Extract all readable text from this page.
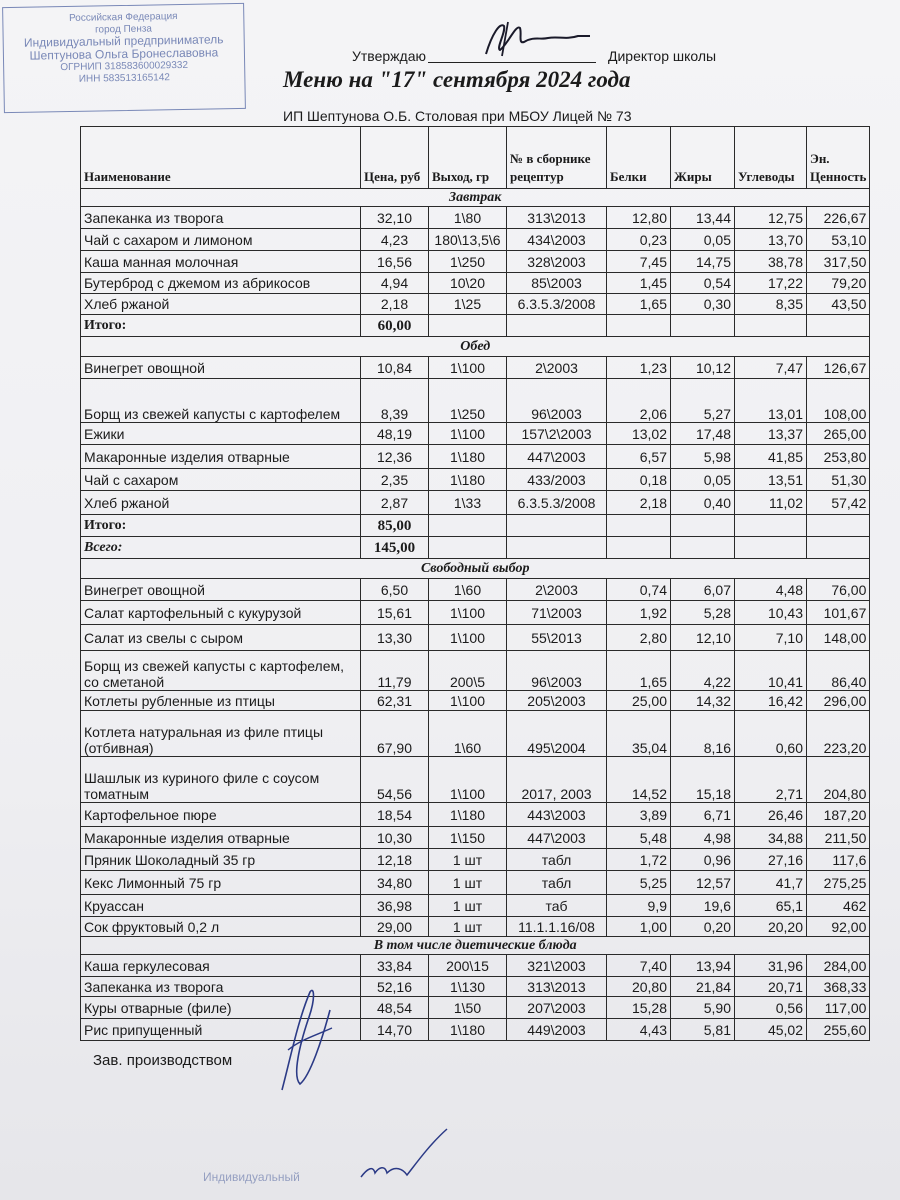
Российская Федерация
город Пенза
Индивидуальный предприниматель
Шептунова Ольга Бронеславовна
ОГРНИП 318583600029332
ИНН 583513165142
Утверждаю	Директор школы
Меню на "17" сентября 2024 года
ИП Шептунова О.Б. Столовая при МБОУ Лицей № 73
Наименование	Цена, руб	Выход, гр	№ в сборнике рецептур	Белки	Жиры	Углеводы	Эн. Ценность
Завтрак							
Запеканка из творога	32,10	1\80	313\2013	12,80	13,44	12,75	226,67
Чай с сахаром и лимоном	4,23	180\13,5\6	434\2003	0,23	0,05	13,70	53,10
Каша манная молочная	16,56	1\250	328\2003	7,45	14,75	38,78	317,50
Бутерброд с джемом из абрикосов	4,94	10\20	85\2003	1,45	0,54	17,22	79,20
Хлеб ржаной	2,18	1\25	6.3.5.3/2008	1,65	0,30	8,35	43,50
Итого:	60,00						
Обед							
Винегрет овощной	10,84	1\100	2\2003	1,23	10,12	7,47	126,67
Борщ из свежей капусты с картофелем	8,39	1\250	96\2003	2,06	5,27	13,01	108,00
Ежики	48,19	1\100	157\2\2003	13,02	17,48	13,37	265,00
Макаронные изделия отварные	12,36	1\180	447\2003	6,57	5,98	41,85	253,80
Чай с сахаром	2,35	1\180	433/2003	0,18	0,05	13,51	51,30
Хлеб ржаной	2,87	1\33	6.3.5.3/2008	2,18	0,40	11,02	57,42
Итого:	85,00						
Всего:	145,00						
Свободный выбор							
Винегрет овощной	6,50	1\60	2\2003	0,74	6,07	4,48	76,00
Салат картофельный с кукурузой	15,61	1\100	71\2003	1,92	5,28	10,43	101,67
Салат из свелы с сыром	13,30	1\100	55\2013	2,80	12,10	7,10	148,00
Борщ из свежей капусты с картофелем, со сметаной	11,79	200\5	96\2003	1,65	4,22	10,41	86,40
Котлеты рубленные из птицы	62,31	1\100	205\2003	25,00	14,32	16,42	296,00
Котлета натуральная из филе птицы (отбивная)	67,90	1\60	495\2004	35,04	8,16	0,60	223,20
Шашлык из куриного филе с соусом томатным	54,56	1\100	2017, 2003	14,52	15,18	2,71	204,80
Картофельное пюре	18,54	1\180	443\2003	3,89	6,71	26,46	187,20
Макаронные изделия отварные	10,30	1\150	447\2003	5,48	4,98	34,88	211,50
Пряник Шоколадный 35 гр	12,18	1 шт	табл	1,72	0,96	27,16	117,6
Кекс Лимонный 75 гр	34,80	1 шт	табл	5,25	12,57	41,7	275,25
Круассан	36,98	1 шт	таб	9,9	19,6	65,1	462
Сок фруктовый 0,2 л	29,00	1 шт	11.1.1.16/08	1,00	0,20	20,20	92,00
В том числе диетические блюда							
Каша геркулесовая	33,84	200\15	321\2003	7,40	13,94	31,96	284,00
Запеканка из творога	52,16	1\130	313\2013	20,80	21,84	20,71	368,33
Куры отварные (филе)	48,54	1\50	207\2003	15,28	5,90	0,56	117,00
Рис припущенный	14,70	1\180	449\2003	4,43	5,81	45,02	255,60
Зав. производством
Индивидуальный
